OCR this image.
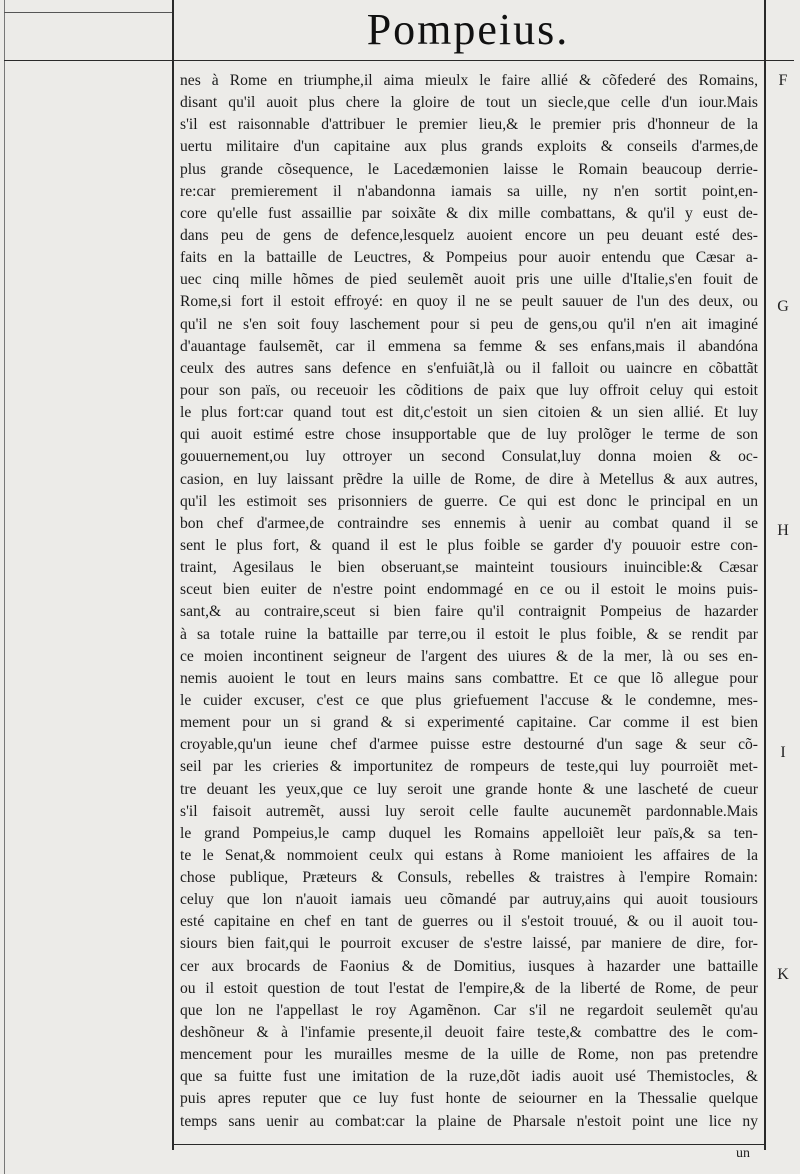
Pompeius.
nes à Rome en triumphe,il aima mieulx le faire allié & cõfederé des Romains,
disant qu'il auoit plus chere la gloire de tout un siecle,que celle d'un iour.Mais
s'il est raisonnable d'attribuer le premier lieu,& le premier pris d'honneur de la
uertu militaire d'un capitaine aux plus grands exploits & conseils d'armes,de
plus grande cõsequence, le Lacedæmonien laisse le Romain beaucoup derrie-
re:car premierement il n'abandonna iamais sa uille, ny n'en sortit point,en-
core qu'elle fust assaillie par soixãte & dix mille combattans, & qu'il y eust de-
dans peu de gens de defence,lesquelz auoient encore un peu deuant esté des-
faits en la battaille de Leuctres, & Pompeius pour auoir entendu que Cæsar a-
uec cinq mille hõmes de pied seulemẽt auoit pris une uille d'Italie,s'en fouit de
Rome,si fort il estoit effroyé: en quoy il ne se peult sauuer de l'un des deux, ou
qu'il ne s'en soit fouy laschement pour si peu de gens,ou qu'il n'en ait imaginé
d'auantage faulsemẽt, car il emmena sa femme & ses enfans,mais il abandóna
ceulx des autres sans defence en s'enfuiãt,là ou il falloit ou uaincre en cõbattãt
pour son païs, ou receuoir les cõditions de paix que luy offroit celuy qui estoit
le plus fort:car quand tout est dit,c'estoit un sien citoien & un sien allié. Et luy
qui auoit estimé estre chose insupportable que de luy prolõger le terme de son
gouuernement,ou luy ottroyer un second Consulat,luy donna moien & oc-
casion, en luy laissant prẽdre la uille de Rome, de dire à Metellus & aux autres,
qu'il les estimoit ses prisonniers de guerre. Ce qui est donc le principal en un
bon chef d'armee,de contraindre ses ennemis à uenir au combat quand il se
sent le plus fort, & quand il est le plus foible se garder d'y pouuoir estre con-
traint, Agesilaus le bien obseruant,se mainteint tousiours inuincible:& Cæsar
sceut bien euiter de n'estre point endommagé en ce ou il estoit le moins puis-
sant,& au contraire,sceut si bien faire qu'il contraignit Pompeius de hazarder
à sa totale ruine la battaille par terre,ou il estoit le plus foible, & se rendit par
ce moien incontinent seigneur de l'argent des uiures & de la mer, là ou ses en-
nemis auoient le tout en leurs mains sans combattre. Et ce que lõ allegue pour
le cuider excuser, c'est ce que plus griefuement l'accuse & le condemne, mes-
mement pour un si grand & si experimenté capitaine. Car comme il est bien
croyable,qu'un ieune chef d'armee puisse estre destourné d'un sage & seur cõ-
seil par les crieries & importunitez de rompeurs de teste,qui luy pourroiẽt met-
tre deuant les yeux,que ce luy seroit une grande honte & une lascheté de cueur
s'il faisoit autremẽt, aussi luy seroit celle faulte aucunemẽt pardonnable.Mais
le grand Pompeius,le camp duquel les Romains appelloiẽt leur païs,& sa ten-
te le Senat,& nommoient ceulx qui estans à Rome manioient les affaires de la
chose publique, Præteurs & Consuls, rebelles & traistres à l'empire Romain:
celuy que lon n'auoit iamais ueu cõmandé par autruy,ains qui auoit tousiours
esté capitaine en chef en tant de guerres ou il s'estoit trouué, & ou il auoit tou-
siours bien fait,qui le pourroit excuser de s'estre laissé, par maniere de dire, for-
cer aux brocards de Faonius & de Domitius, iusques à hazarder une battaille
ou il estoit question de tout l'estat de l'empire,& de la liberté de Rome, de peur
que lon ne l'appellast le roy Agamẽnon. Car s'il ne regardoit seulemẽt qu'au
deshõneur & à l'infamie presente,il deuoit faire teste,& combattre des le com-
mencement pour les murailles mesme de la uille de Rome, non pas pretendre
que sa fuitte fust une imitation de la ruze,dõt iadis auoit usé Themistocles, &
puis apres reputer que ce luy fust honte de seiourner en la Thessalie quelque
temps sans uenir au combat:car la plaine de Pharsale n'estoit point une lice ny
F
G
H
I
K
un
